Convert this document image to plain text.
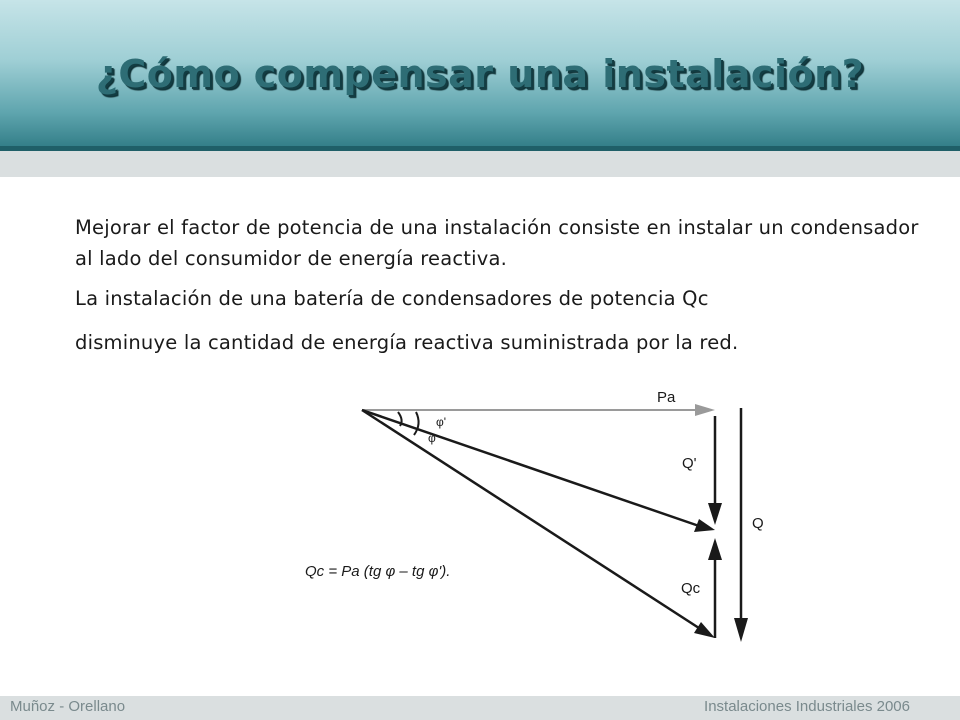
¿Cómo compensar una instalación?
Mejorar el factor de potencia de una instalación consiste en instalar un condensador al lado del consumidor de energía reactiva.
La instalación de una batería de condensadores de potencia Qc
disminuye la cantidad de energía reactiva suministrada por la red.
Pa
φ'
φ
Q'
Q
Qc
Qc = Pa (tg φ – tg φ').
Muñoz - Orellano	Instalaciones Industriales 2006
